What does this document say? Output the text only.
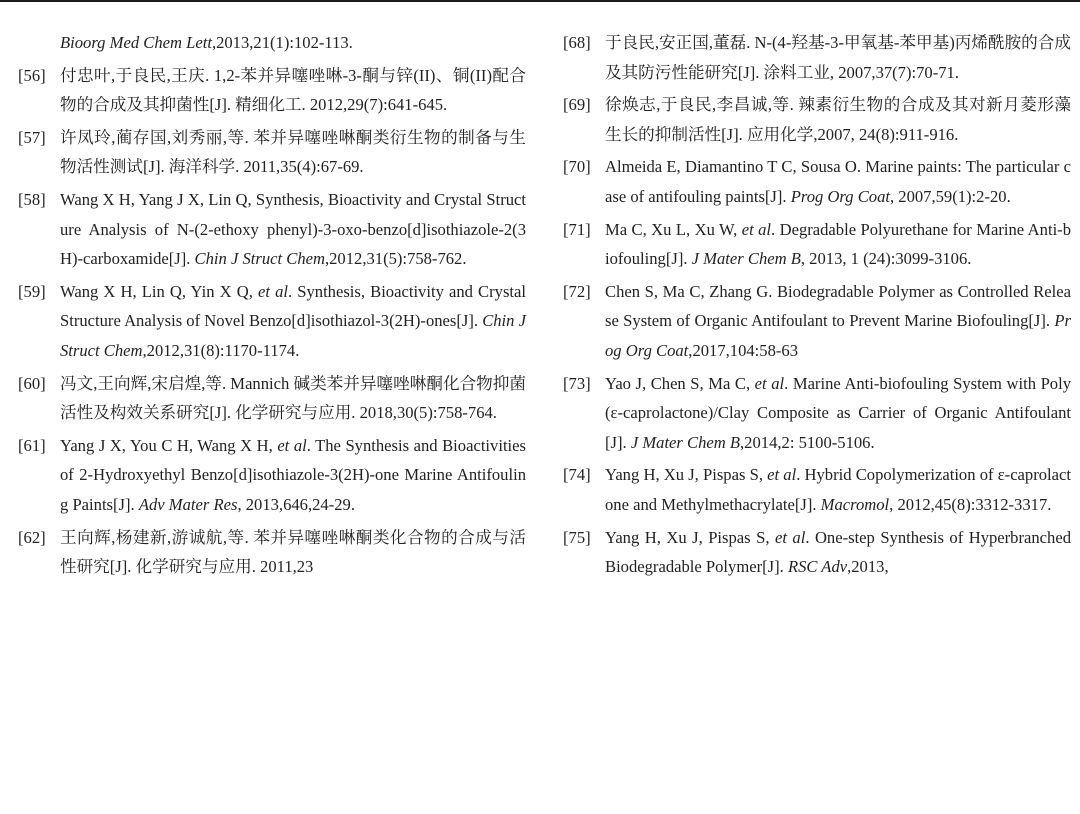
Bioorg Med Chem Lett,2013,21(1):102-113.
[56] 付忠叶,于良民,王庆. 1,2-苯并异噻唑啉-3-酮与锌(II)、铜(II)配合物的合成及其抑菌性[J]. 精细化工. 2012,29(7):641-645.
[57] 许凤玲,蔺存国,刘秀丽,等. 苯并异噻唑啉酮类衍生物的制备与生物活性测试[J]. 海洋科学. 2011,35(4):67-69.
[58] Wang X H, Yang J X, Lin Q, Synthesis, Bioactivity and Crystal Structure Analysis of N-(2-ethoxy phenyl)-3-oxo-benzo[d]isothiazole-2(3H)-carboxamide[J]. Chin J Struct Chem,2012,31(5):758-762.
[59] Wang X H, Lin Q, Yin X Q, et al. Synthesis, Bioactivity and Crystal Structure Analysis of Novel Benzo[d]isothiazol-3(2H)-ones[J]. Chin J Struct Chem,2012,31(8):1170-1174.
[60] 冯文,王向辉,宋启煌,等. Mannich 碱类苯并异噻唑啉酮化合物抑菌活性及构效关系研究[J]. 化学研究与应用. 2018,30(5):758-764.
[61] Yang J X, You C H, Wang X H, et al. The Synthesis and Bioactivities of 2-Hydroxyethyl Benzo[d]isothiazole-3(2H)-one Marine Antifouling Paints[J]. Adv Mater Res, 2013,646,24-29.
[62] 王向辉,杨建新,游诚航,等. 苯并异噻唑啉酮类化合物的合成与活性研究[J]. 化学研究与应用. 2011,23
[68] 于良民,安正国,董磊. N-(4-羟基-3-甲氧基-苯甲基)丙烯酰胺的合成及其防污性能研究[J]. 涂料工业, 2007,37(7):70-71.
[69] 徐焕志,于良民,李昌诚,等. 辣素衍生物的合成及其对新月菱形藻生长的抑制活性[J]. 应用化学,2007, 24(8):911-916.
[70] Almeida E, Diamantino T C, Sousa O. Marine paints: The particular case of antifouling paints[J]. Prog Org Coat, 2007,59(1):2-20.
[71] Ma C, Xu L, Xu W, et al. Degradable Polyurethane for Marine Anti-biofouling[J]. J Mater Chem B, 2013, 1 (24):3099-3106.
[72] Chen S, Ma C, Zhang G. Biodegradable Polymer as Controlled Release System of Organic Antifoulant to Prevent Marine Biofouling[J]. Prog Org Coat,2017,104:58-63
[73] Yao J, Chen S, Ma C, et al. Marine Anti-biofouling System with Poly(ε-caprolactone)/Clay Composite as Carrier of Organic Antifoulant[J]. J Mater Chem B,2014,2: 5100-5106.
[74] Yang H, Xu J, Pispas S, et al. Hybrid Copolymerization of ε-caprolactone and Methylmethacrylate[J]. Macromol, 2012,45(8):3312-3317.
[75] Yang H, Xu J, Pispas S, et al. One-step Synthesis of Hyperbranched Biodegradable Polymer[J]. RSC Adv,2013,
